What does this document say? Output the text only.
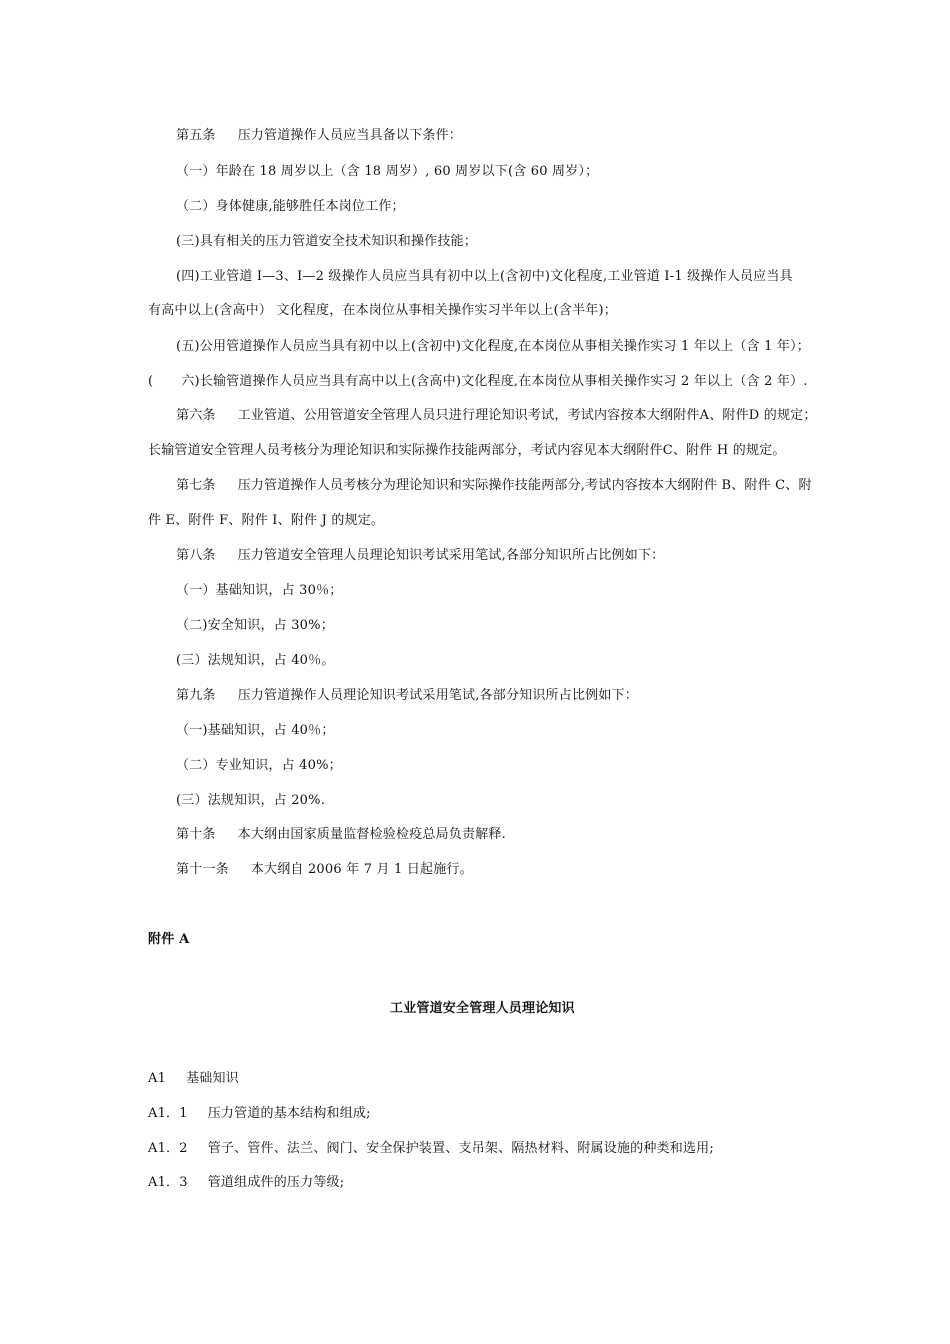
第五条 压力管道操作人员应当具备以下条件：
（一）年龄在 18 周岁以上（含 18 周岁）, 60 周岁以下(含 60 周岁）；
（二）身体健康,能够胜任本岗位工作；
(三)具有相关的压力管道安全技术知识和操作技能；
(四)工业管道 I—3、I—2 级操作人员应当具有初中以上(含初中)文化程度,工业管道 I-1 级操作人员应当具
有高中以上(含高中） 文化程度，在本岗位从事相关操作实习半年以上(含半年)；
(五)公用管道操作人员应当具有初中以上(含初中)文化程度,在本岗位从事相关操作实习 1 年以上（含 1 年）；
( 六)长输管道操作人员应当具有高中以上(含高中)文化程度,在本岗位从事相关操作实习 2 年以上（含 2 年）.
第六条 工业管道、公用管道安全管理人员只进行理论知识考试，考试内容按本大纲附件A、附件D 的规定；
长输管道安全管理人员考核分为理论知识和实际操作技能两部分，考试内容见本大纲附件C、附件 H 的规定。
第七条 压力管道操作人员考核分为理论知识和实际操作技能两部分,考试内容按本大纲附件 B、附件 C、附
件 E、附件 F、附件 I、附件 J 的规定。
第八条 压力管道安全管理人员理论知识考试采用笔试,各部分知识所占比例如下：
（一）基础知识，占 30％；
（二)安全知识，占 30%；
(三）法规知识，占 40％。
第九条 压力管道操作人员理论知识考试采用笔试,各部分知识所占比例如下：
（一)基础知识，占 40％；
（二）专业知识，占 40%；
(三）法规知识，占 20%.
第十条 本大纲由国家质量监督检验检疫总局负责解释.
第十一条 本大纲自 2006 年 7 月 1 日起施行。
附件 A
工业管道安全管理人员理论知识
A1 基础知识
A1．1 压力管道的基本结构和组成;
A1．2 管子、管件、法兰、阀门、安全保护装置、支吊架、隔热材料、附属设施的种类和选用;
A1．3 管道组成件的压力等级;
